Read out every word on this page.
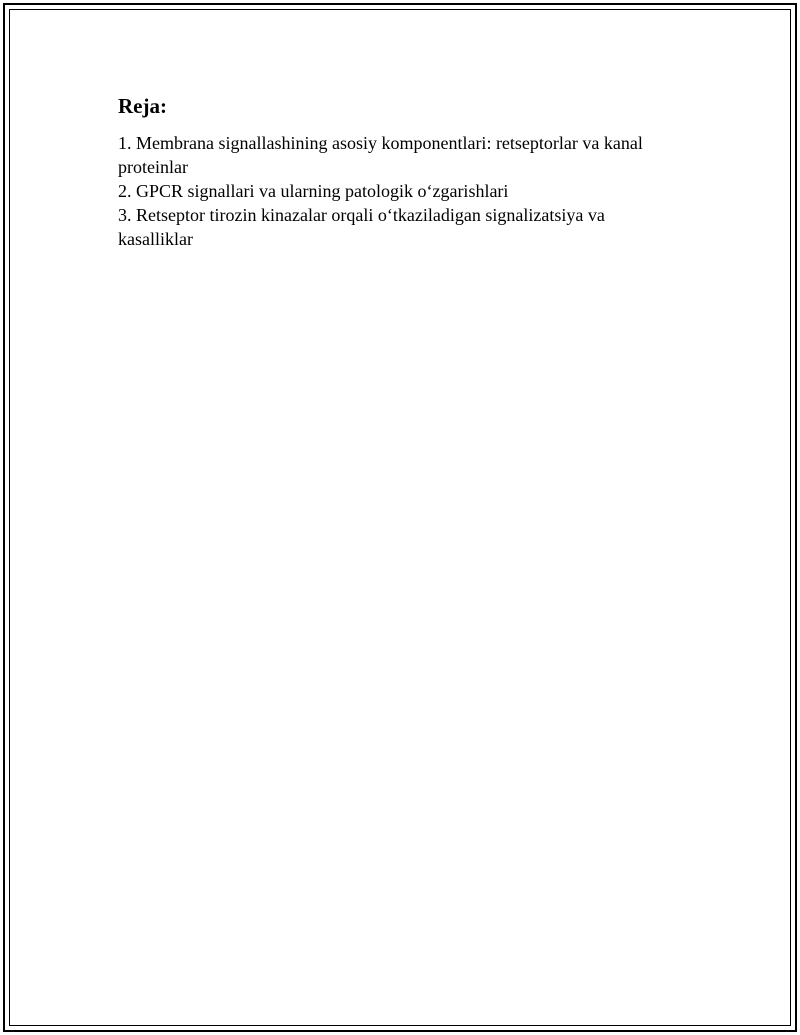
Reja:
1. Membrana signallashining asosiy komponentlari: retseptorlar va kanal proteinlar
2. GPCR signallari va ularning patologik o‘zgarishlari
3. Retseptor tirozin kinazalar orqali o‘tkaziladigan signalizatsiya va kasalliklar
